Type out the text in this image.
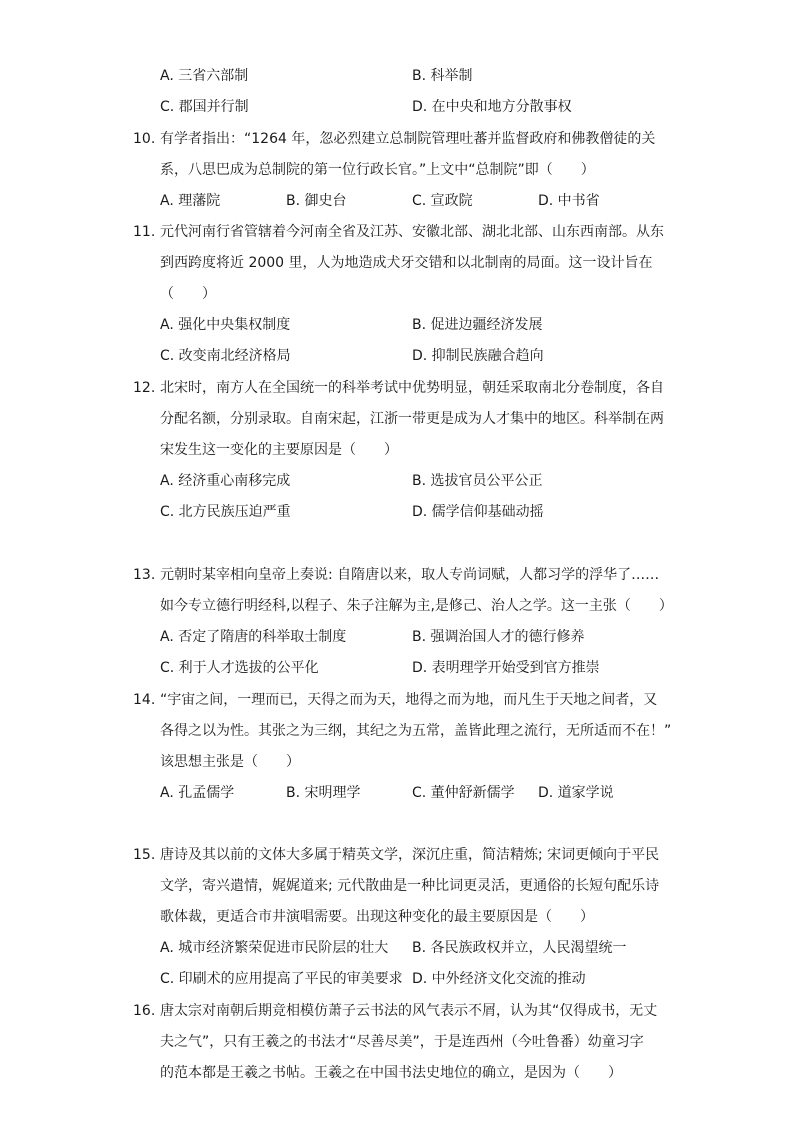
A. 三省六部制	B. 科举制
C. 郡国并行制	D. 在中央和地方分散事权
10. 有学者指出：“1264 年，忽必烈建立总制院管理吐蕃并监督政府和佛教僧徒的关
系，八思巴成为总制院的第一位行政长官。”上文中“总制院”即（　　）
A. 理藩院	B. 御史台	C. 宣政院	D. 中书省
11. 元代河南行省管辖着今河南全省及江苏、安徽北部、湖北北部、山东西南部。从东
到西跨度将近 2000 里，人为地造成犬牙交错和以北制南的局面。这一设计旨在
（　　）
A. 强化中央集权制度	B. 促进边疆经济发展
C. 改变南北经济格局	D. 抑制民族融合趋向
12. 北宋时，南方人在全国统一的科举考试中优势明显，朝廷采取南北分卷制度，各自
分配名额，分别录取。自南宋起，江浙一带更是成为人才集中的地区。科举制在两
宋发生这一变化的主要原因是（　　）
A. 经济重心南移完成	B. 选拔官员公平公正
C. 北方民族压迫严重	D. 儒学信仰基础动摇
13. 元朝时某宰相向皇帝上奏说: 自隋唐以来，取人专尚词赋，人都习学的浮华了……
如今专立德行明经科,以程子、朱子注解为主,是修己、治人之学。这一主张（　　）
A. 否定了隋唐的科举取士制度	B. 强调治国人才的德行修养
C. 利于人才选拔的公平化	D. 表明理学开始受到官方推崇
14. “宇宙之间，一理而已，天得之而为天，地得之而为地，而凡生于天地之间者，又
各得之以为性。其张之为三纲，其纪之为五常，盖皆此理之流行，无所适而不在！”
该思想主张是（　　）
A. 孔孟儒学	B. 宋明理学	C. 董仲舒新儒学 D. 道家学说
15. 唐诗及其以前的文体大多属于精英文学，深沉庄重，简洁精炼; 宋词更倾向于平民
文学，寄兴遣情，娓娓道来; 元代散曲是一种比词更灵活，更通俗的长短句配乐诗
歌体裁，更适合市井演唱需要。出现这种变化的最主要原因是（　　）
A. 城市经济繁荣促进市民阶层的壮大 B. 各民族政权并立，人民渴望统一
C. 印刷术的应用提高了平民的审美要求 D. 中外经济文化交流的推动
16. 唐太宗对南朝后期竞相模仿萧子云书法的风气表示不屑，认为其“仅得成书，无丈
夫之气”，只有王羲之的书法才“尽善尽美”，于是连西州（今吐鲁番）幼童习字
的范本都是王羲之书帖。王羲之在中国书法史地位的确立，是因为（　　）
